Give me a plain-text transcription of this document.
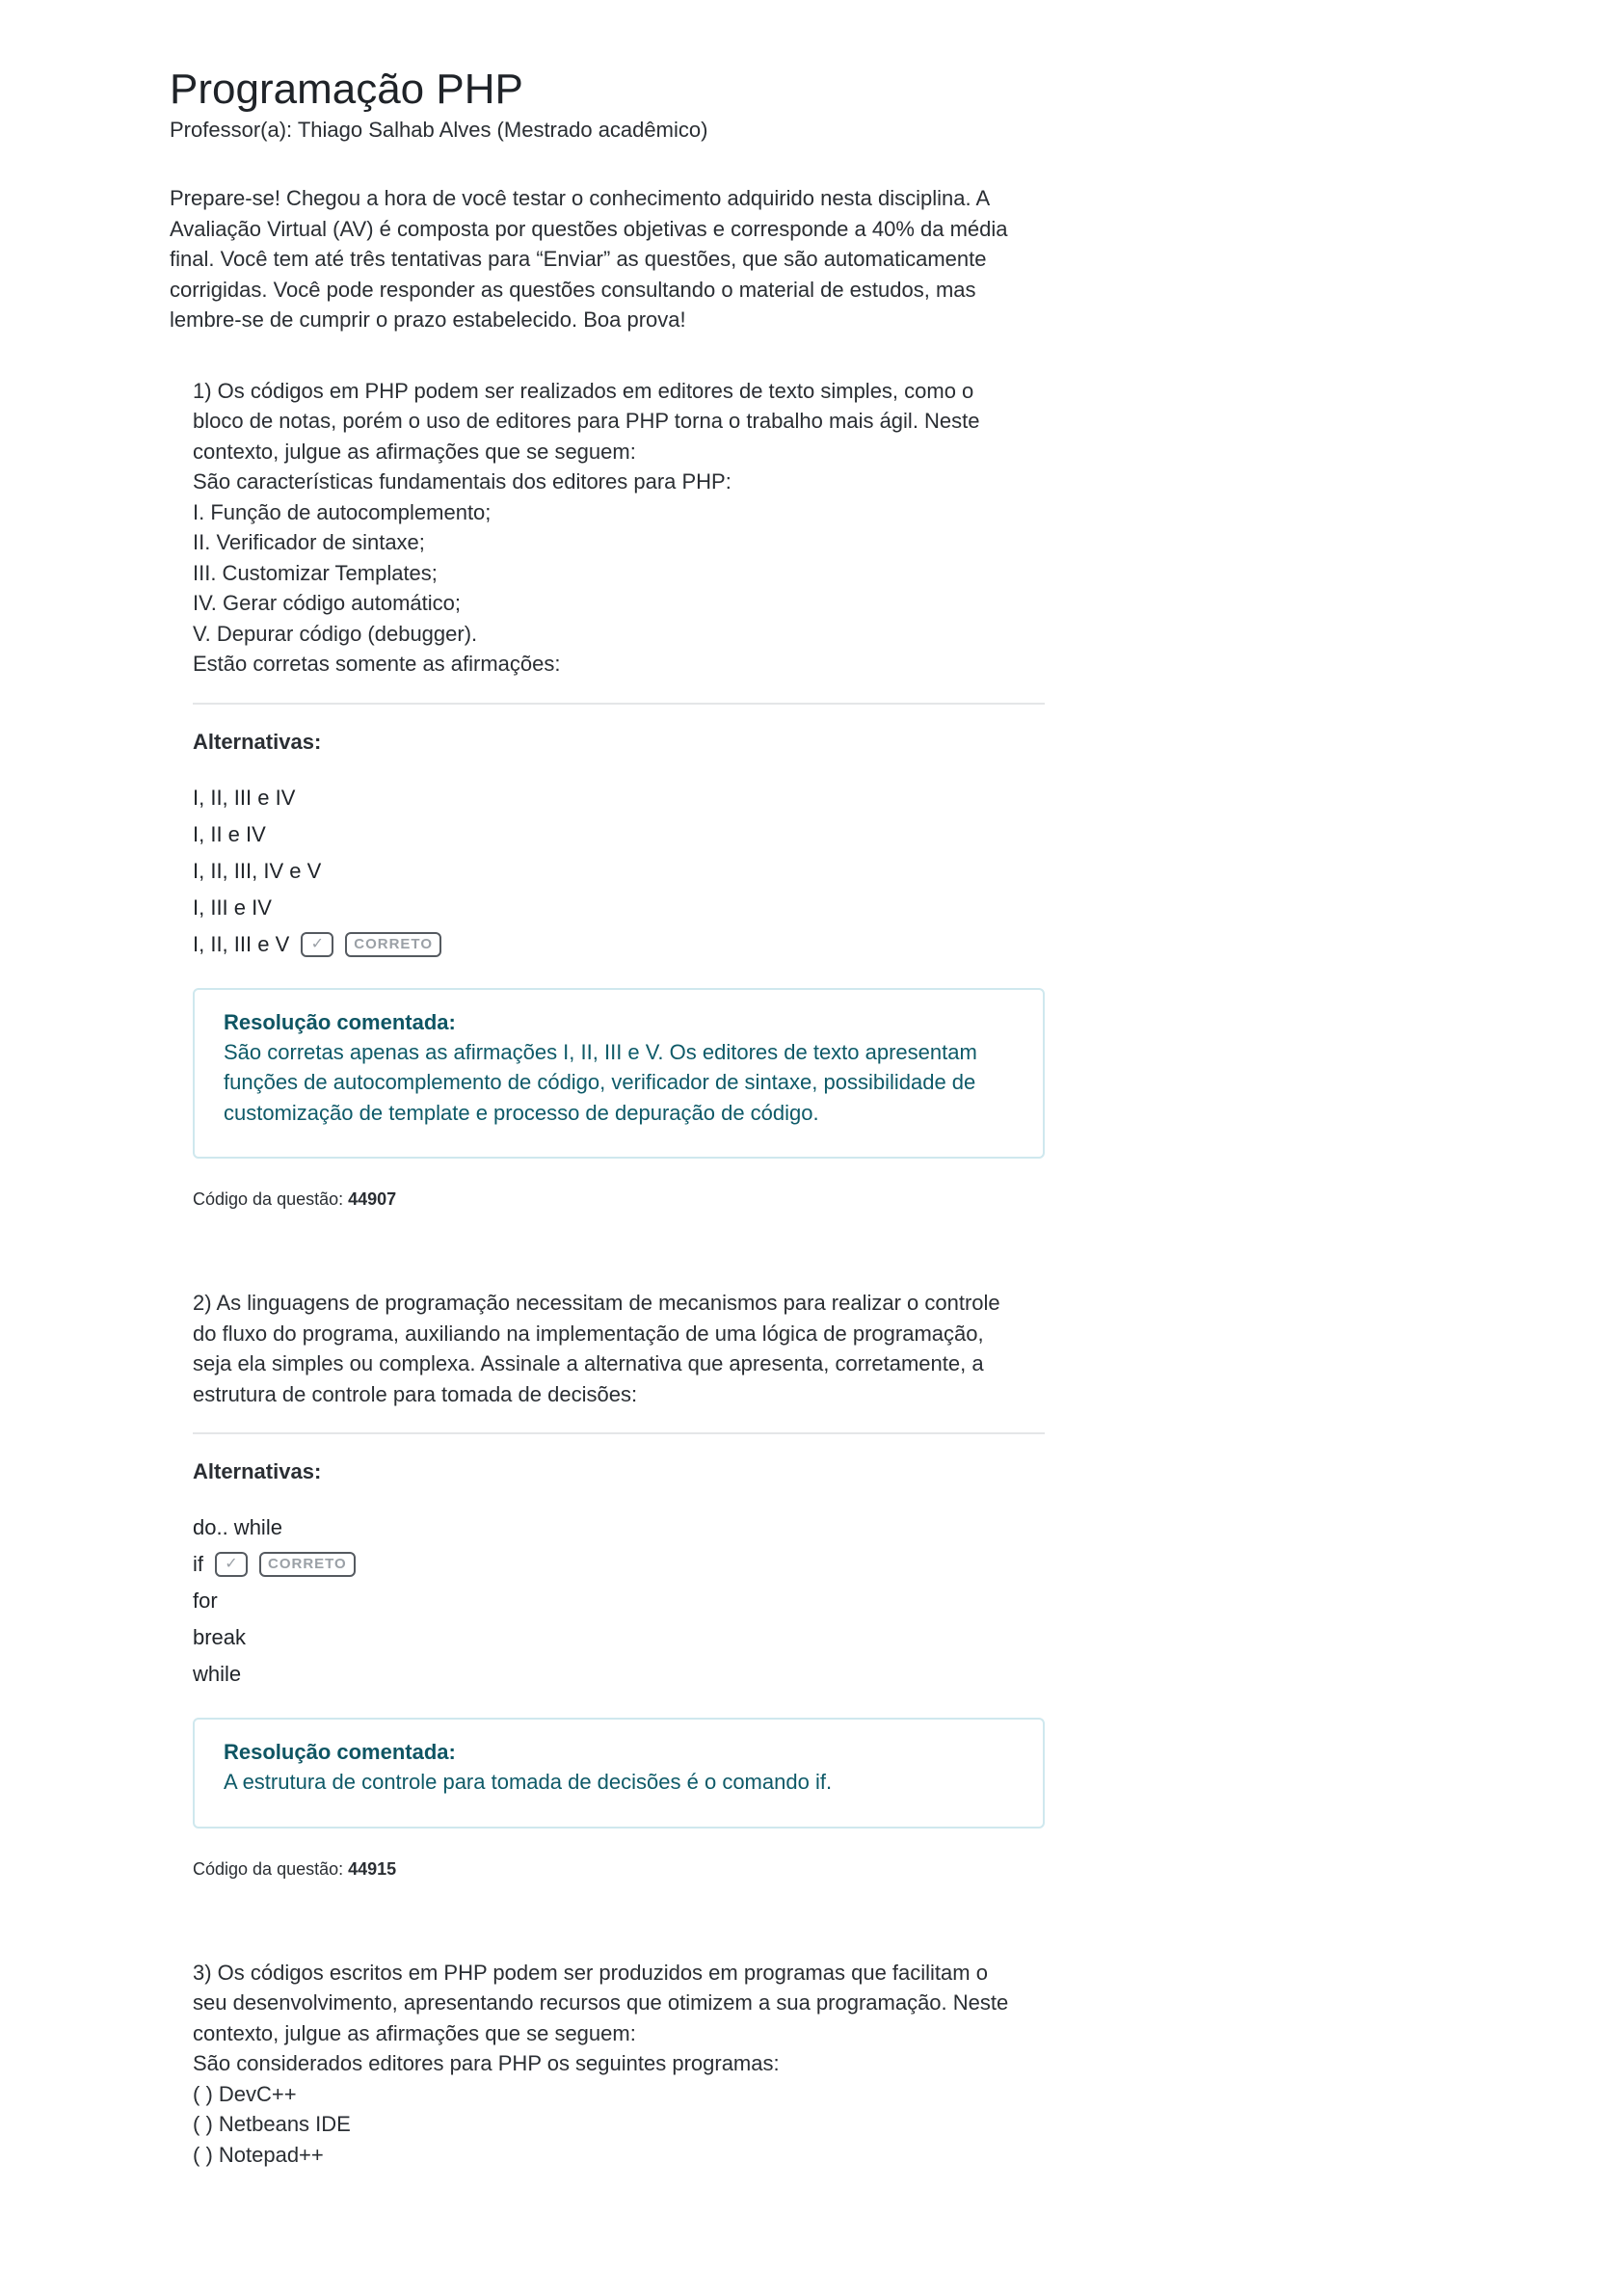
Programação PHP

Professor(a): Thiago Salhab Alves (Mestrado acadêmico)

Prepare-se! Chegou a hora de você testar o conhecimento adquirido nesta disciplina. A Avaliação Virtual (AV) é composta por questões objetivas e corresponde a 40% da média final. Você tem até três tentativas para “Enviar” as questões, que são automaticamente corrigidas. Você pode responder as questões consultando o material de estudos, mas lembre-se de cumprir o prazo estabelecido. Boa prova!
1) Os códigos em PHP podem ser realizados em editores de texto simples, como o
bloco de notas, porém o uso de editores para PHP torna o trabalho mais ágil. Neste
contexto, julgue as afirmações que se seguem:
São características fundamentais dos editores para PHP:
I. Função de autocomplemento;
II. Verificador de sintaxe;
III. Customizar Templates;
IV. Gerar código automático;
V. Depurar código (debugger).
Estão corretas somente as afirmações:
Alternativas:
I, II, III e IV
I, II e IV
I, II, III, IV e V
I, III e IV
I, II, III e V	✓	CORRETO
Resolução comentada:
São corretas apenas as afirmações I, II, III e V. Os editores de texto apresentam funções de autocomplemento de código, verificador de sintaxe, possibilidade de customização de template e processo de depuração de código.
Código da questão: 44907
2) As linguagens de programação necessitam de mecanismos para realizar o controle
do fluxo do programa, auxiliando na implementação de uma lógica de programação,
seja ela simples ou complexa. Assinale a alternativa que apresenta, corretamente, a
estrutura de controle para tomada de decisões:
Alternativas:
do.. while
if	✓	CORRETO
for
break
while
Resolução comentada:
A estrutura de controle para tomada de decisões é o comando if.
Código da questão: 44915
3) Os códigos escritos em PHP podem ser produzidos em programas que facilitam o
seu desenvolvimento, apresentando recursos que otimizem a sua programação. Neste
contexto, julgue as afirmações que se seguem:
São considerados editores para PHP os seguintes programas:
( ) DevC++
( ) Netbeans IDE
( ) Notepad++
